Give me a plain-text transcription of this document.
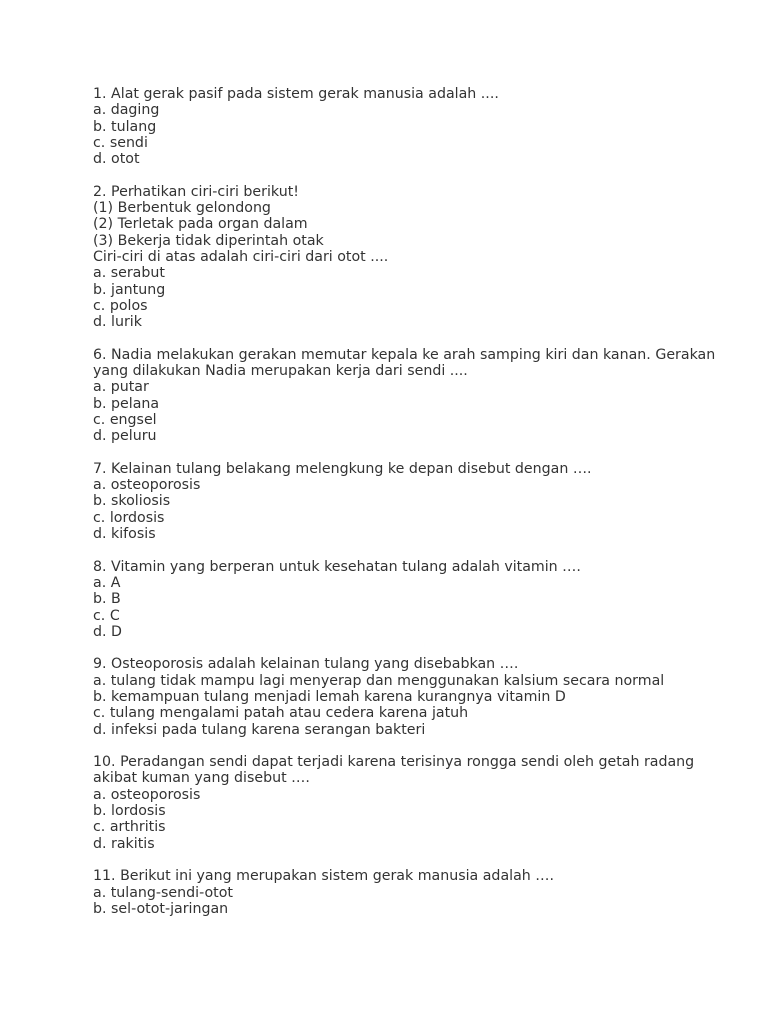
1. Alat gerak pasif pada sistem gerak manusia adalah ....

a. daging

b. tulang

c. sendi

d. otot

2. Perhatikan ciri-ciri berikut!

(1) Berbentuk gelondong

(2) Terletak pada organ dalam

(3) Bekerja tidak diperintah otak

Ciri-ciri di atas adalah ciri-ciri dari otot ....

a. serabut

b. jantung

c. polos

d. lurik

6. Nadia melakukan gerakan memutar kepala ke arah samping kiri dan kanan. Gerakan yang dilakukan Nadia merupakan kerja dari sendi ....

a. putar

b. pelana

c. engsel

d. peluru

7. Kelainan tulang belakang melengkung ke depan disebut dengan ….

a. osteoporosis

b. skoliosis

c. lordosis

d. kifosis

8. Vitamin yang berperan untuk kesehatan tulang adalah vitamin ….

a. A

b. B

c. C

d. D

9. Osteoporosis adalah kelainan tulang yang disebabkan ….

a. tulang tidak mampu lagi menyerap dan menggunakan kalsium secara normal

b. kemampuan tulang menjadi lemah karena kurangnya vitamin D

c. tulang mengalami patah atau cedera karena jatuh

d. infeksi pada tulang karena serangan bakteri

10. Peradangan sendi dapat terjadi karena terisinya rongga sendi oleh getah radang akibat kuman yang disebut ….

a. osteoporosis

b. lordosis

c. arthritis

d. rakitis

11. Berikut ini yang merupakan sistem gerak manusia adalah ….

a. tulang-sendi-otot

b. sel-otot-jaringan
